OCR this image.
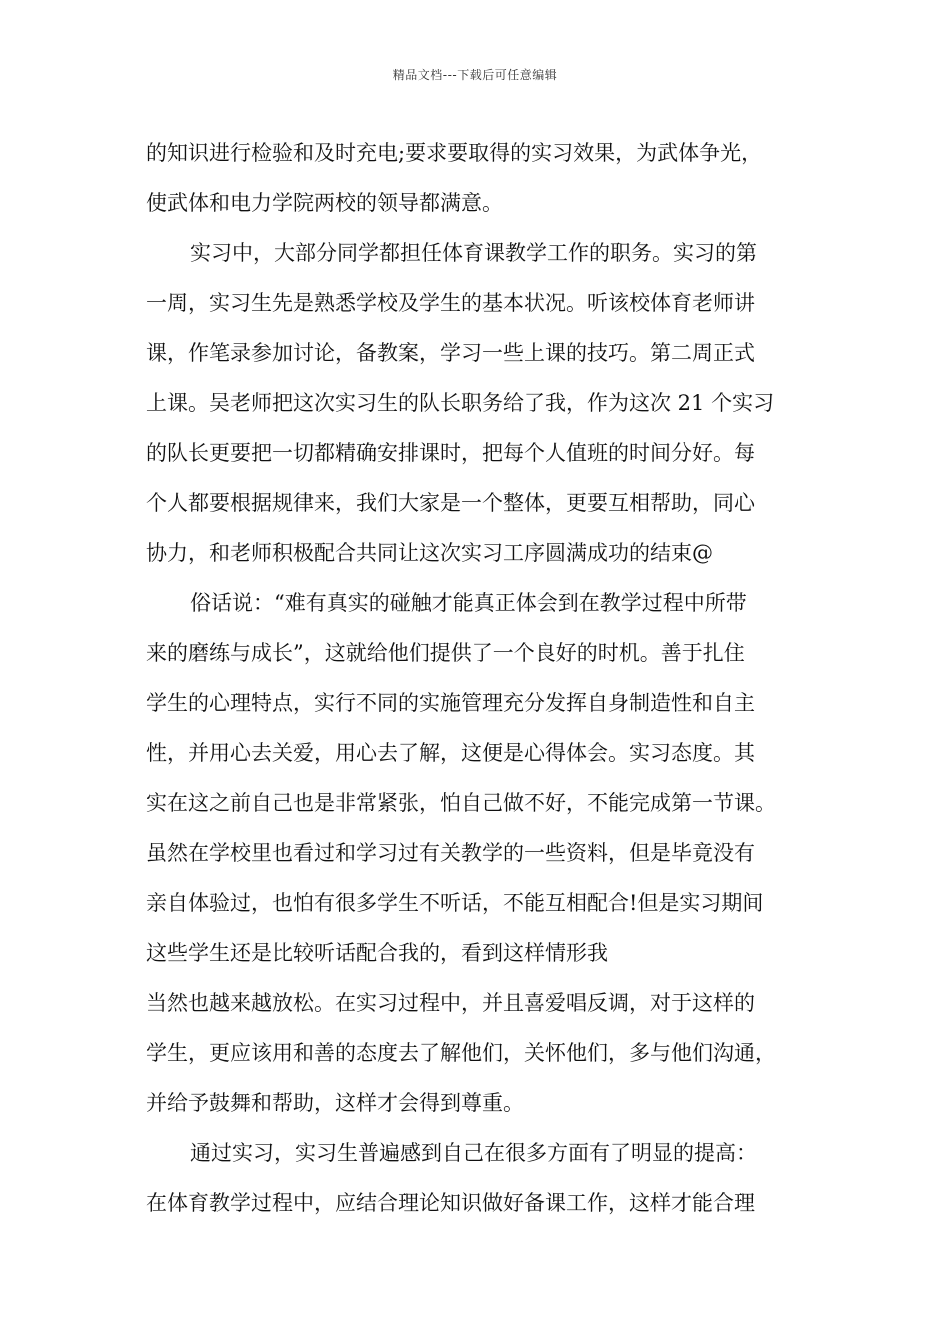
精品文档---下载后可任意编辑
的知识进行检验和及时充电;要求要取得的实习效果，为武体争光，
使武体和电力学院两校的领导都满意。
实习中，大部分同学都担任体育课教学工作的职务。实习的第
一周，实习生先是熟悉学校及学生的基本状况。听该校体育老师讲
课，作笔录参加讨论，备教案，学习一些上课的技巧。第二周正式
上课。吴老师把这次实习生的队长职务给了我，作为这次 21 个实习
的队长更要把一切都精确安排课时，把每个人值班的时间分好。每
个人都要根据规律来，我们大家是一个整体，更要互相帮助，同心
协力，和老师积极配合共同让这次实习工序圆满成功的结束@
俗话说：“难有真实的碰触才能真正体会到在教学过程中所带
来的磨练与成长”，这就给他们提供了一个良好的时机。善于扎住
学生的心理特点，实行不同的实施管理充分发挥自身制造性和自主
性，并用心去关爱，用心去了解，这便是心得体会。实习态度。其
实在这之前自己也是非常紧张，怕自己做不好，不能完成第一节课。
虽然在学校里也看过和学习过有关教学的一些资料，但是毕竟没有
亲自体验过，也怕有很多学生不听话，不能互相配合!但是实习期间
这些学生还是比较听话配合我的，看到这样情形我
当然也越来越放松。在实习过程中，并且喜爱唱反调，对于这样的
学生，更应该用和善的态度去了解他们，关怀他们，多与他们沟通，
并给予鼓舞和帮助，这样才会得到尊重。
通过实习，实习生普遍感到自己在很多方面有了明显的提高：
在体育教学过程中，应结合理论知识做好备课工作，这样才能合理
